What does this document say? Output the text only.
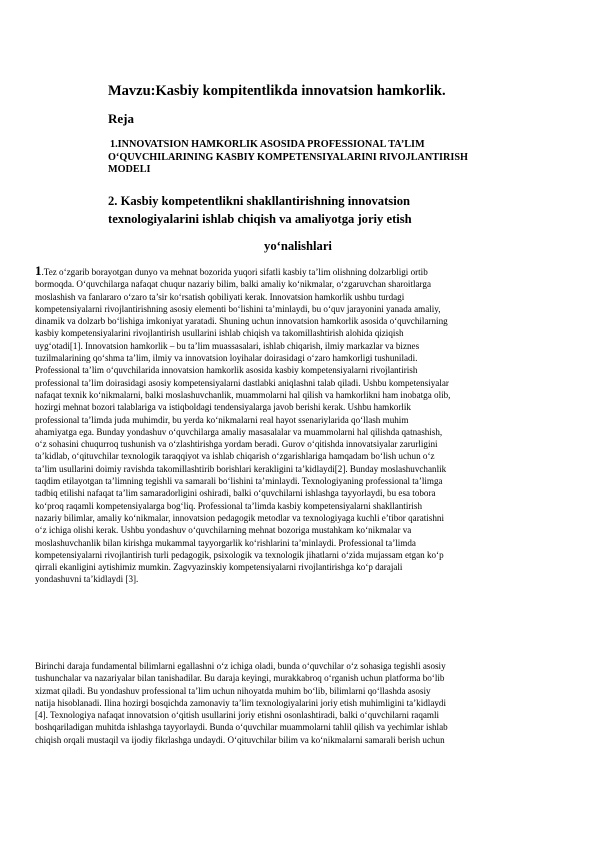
Mavzu:Kasbiy kompitentlikda innovatsion hamkorlik.

Reja

1.INNOVATSION HAMKORLIK ASOSIDA PROFESSIONAL TA’LIM
O‘QUVCHILARINING KASBIY KOMPETENSIYALARINI RIVOJLANTIRISH
MODELI
2. Kasbiy kompetentlikni shakllantirishning innovatsion
texnologiyalarini ishlab chiqish va amaliyotga joriy etish

yo‘nalishlari

1.Tez o‘zgarib borayotgan dunyo va mehnat bozorida yuqori sifatli kasbiy ta’lim olishning dolzarbligi ortib
bormoqda. O‘quvchilarga nafaqat chuqur nazariy bilim, balki amaliy ko‘nikmalar, o‘zgaruvchan sharoitlarga
moslashish va fanlararo o‘zaro ta’sir ko‘rsatish qobiliyati kerak. Innovatsion hamkorlik ushbu turdagi
kompetensiyalarni rivojlantirishning asosiy elementi bo‘lishini ta’minlaydi, bu o‘quv jarayonini yanada amaliy,
dinamik va dolzarb bo‘lishiga imkoniyat yaratadi. Shuning uchun innovatsion hamkorlik asosida o‘quvchilarning
kasbiy kompetensiyalarini rivojlantirish usullarini ishlab chiqish va takomillashtirish alohida qiziqish
uyg‘otadi[1]. Innovatsion hamkorlik – bu ta’lim muassasalari, ishlab chiqarish, ilmiy markazlar va biznes
tuzilmalarining qo‘shma ta’lim, ilmiy va innovatsion loyihalar doirasidagi o‘zaro hamkorligi tushuniladi.
Professional ta’lim o‘quvchilarida innovatsion hamkorlik asosida kasbiy kompetensiyalarni rivojlantirish
professional ta’lim doirasidagi asosiy kompetensiyalarni dastlabki aniqlashni talab qiladi. Ushbu kompetensiyalar
nafaqat texnik ko‘nikmalarni, balki moslashuvchanlik, muammolarni hal qilish va hamkorlikni ham inobatga olib,
hozirgi mehnat bozori talablariga va istiqboldagi tendensiyalarga javob berishi kerak. Ushbu hamkorlik
professional ta’limda juda muhimdir, bu yerda ko‘nikmalarni real hayot ssenariylarida qo‘llash muhim
ahamiyatga ega. Bunday yondashuv o‘quvchilarga amaliy masasalalar va muammolarni hal qilishda qatnashish,
o‘z sohasini chuqurroq tushunish va o‘zlashtirishga yordam beradi. Gurov o‘qitishda innovatsiyalar zarurligini
ta’kidlab, o‘qituvchilar texnologik taraqqiyot va ishlab chiqarish o‘zgarishlariga hamqadam bo‘lish uchun o‘z
ta’lim usullarini doimiy ravishda takomillashtirib borishlari kerakligini ta’kidlaydi[2]. Bunday moslashuvchanlik
taqdim etilayotgan ta’limning tegishli va samarali bo‘lishini ta’minlaydi. Texnologiyaning professional ta’limga
tadbiq etilishi nafaqat ta’lim samaradorligini oshiradi, balki o‘quvchilarni ishlashga tayyorlaydi, bu esa tobora
ko‘proq raqamli kompetensiyalarga bog‘liq. Professional ta’limda kasbiy kompetensiyalarni shakllantirish
nazariy bilimlar, amaliy ko‘nikmalar, innovatsion pedagogik metodlar va texnologiyaga kuchli e’tibor qaratishni
o‘z ichiga olishi kerak. Ushbu yondashuv o‘quvchilarning mehnat bozoriga mustahkam ko‘nikmalar va
moslashuvchanlik bilan kirishga mukammal tayyorgarlik ko‘rishlarini ta’minlaydi. Professional ta’limda
kompetensiyalarni rivojlantirish turli pedagogik, psixologik va texnologik jihatlarni o‘zida mujassam etgan ko‘p
qirrali ekanligini aytishimiz mumkin. Zagvyazinskiy kompetensiyalarni rivojlantirishga ko‘p darajali
yondashuvni ta’kidlaydi [3].
Birinchi daraja fundamental bilimlarni egallashni o‘z ichiga oladi, bunda o‘quvchilar o‘z sohasiga tegishli asosiy
tushunchalar va nazariyalar bilan tanishadilar. Bu daraja keyingi, murakkabroq o‘rganish uchun platforma bo‘lib
xizmat qiladi. Bu yondashuv professional ta’lim uchun nihoyatda muhim bo‘lib, bilimlarni qo‘llashda asosiy
natija hisoblanadi. Ilina hozirgi bosqichda zamonaviy ta’lim texnologiyalarini joriy etish muhimligini ta’kidlaydi
[4]. Texnologiya nafaqat innovatsion o‘qitish usullarini joriy etishni osonlashtiradi, balki o‘quvchilarni raqamli
boshqariladigan muhitda ishlashga tayyorlaydi. Bunda o‘quvchilar muammolarni tahlil qilish va yechimlar ishlab
chiqish orqali mustaqil va ijodiy fikrlashga undaydi. O‘qituvchilar bilim va ko‘nikmalarni samarali berish uchun
